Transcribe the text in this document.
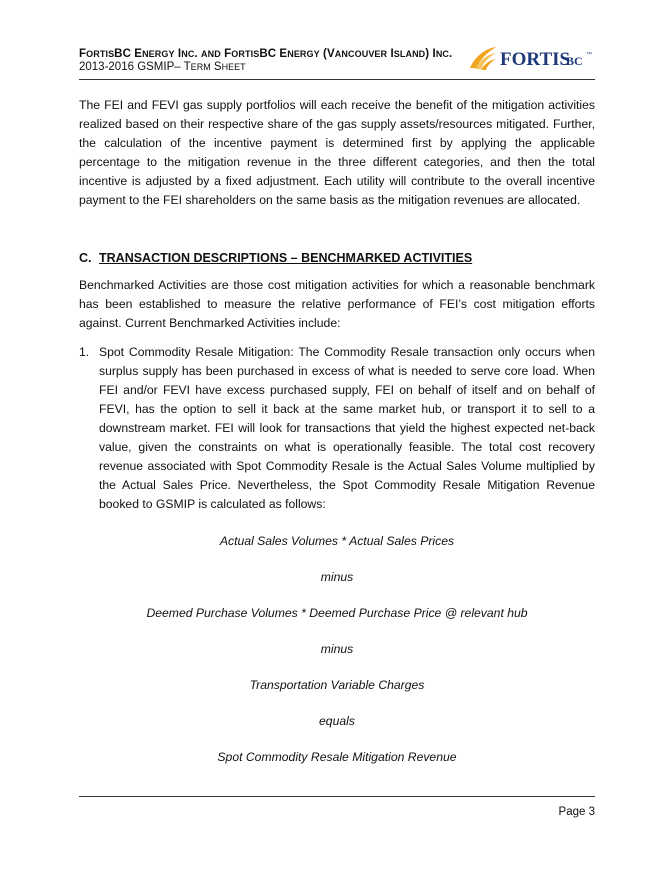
FORTISBC ENERGY INC. AND FORTISBC ENERGY (VANCOUVER ISLAND) INC.
2013-2016 GSMIP– TERM SHEET	FORTIS
BC ™

The FEI and FEVI gas supply portfolios will each receive the benefit of the mitigation activities realized based on their respective share of the gas supply assets/resources mitigated. Further, the calculation of the incentive payment is determined first by applying the applicable percentage to the mitigation revenue in the three different categories, and then the total incentive is adjusted by a fixed adjustment. Each utility will contribute to the overall incentive payment to the FEI shareholders on the same basis as the mitigation revenues are allocated.

C. TRANSACTION DESCRIPTIONS – BENCHMARKED ACTIVITIES

Benchmarked Activities are those cost mitigation activities for which a reasonable benchmark has been established to measure the relative performance of FEI’s cost mitigation efforts against. Current Benchmarked Activities include:

1. Spot Commodity Resale Mitigation: The Commodity Resale transaction only occurs when surplus supply has been purchased in excess of what is needed to serve core load. When FEI and/or FEVI have excess purchased supply, FEI on behalf of itself and on behalf of FEVI, has the option to sell it back at the same market hub, or transport it to sell to a downstream market. FEI will look for transactions that yield the highest expected net-back value, given the constraints on what is operationally feasible. The total cost recovery revenue associated with Spot Commodity Resale is the Actual Sales Volume multiplied by the Actual Sales Price. Nevertheless, the Spot Commodity Resale Mitigation Revenue booked to GSMIP is calculated as follows:
Actual Sales Volumes * Actual Sales Prices
minus
Deemed Purchase Volumes * Deemed Purchase Price @ relevant hub
minus
Transportation Variable Charges
equals
Spot Commodity Resale Mitigation Revenue
Page 3
